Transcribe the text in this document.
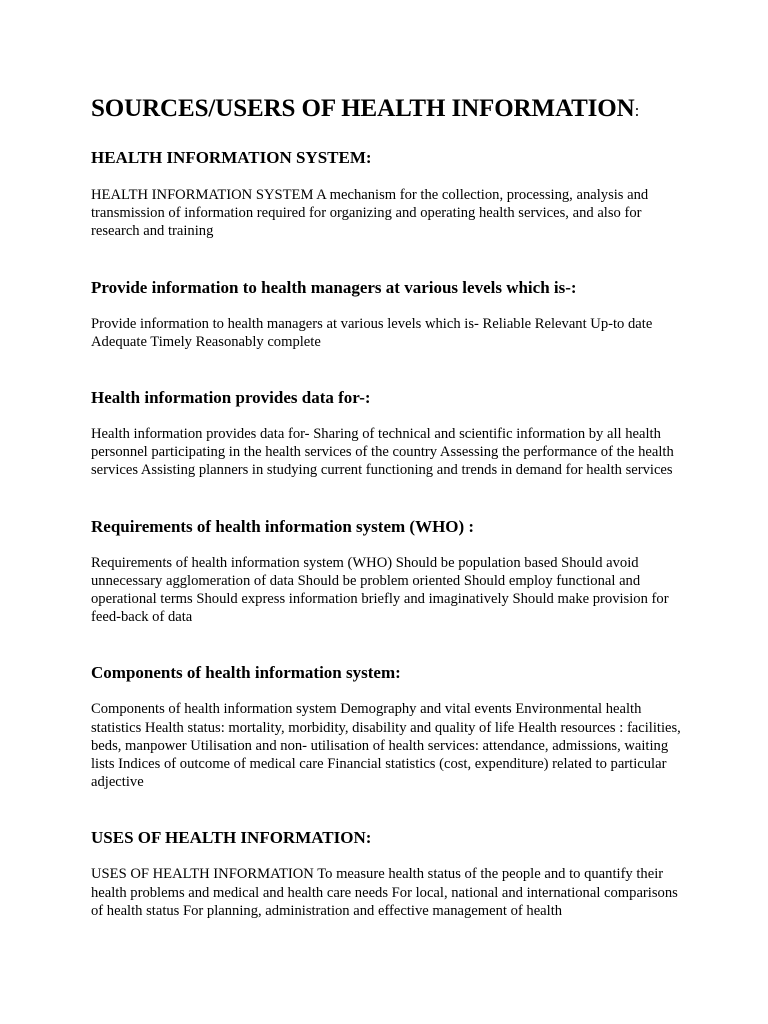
SOURCES/USERS OF HEALTH INFORMATION:
HEALTH INFORMATION SYSTEM:

HEALTH INFORMATION SYSTEM A mechanism for the collection, processing, analysis and transmission of information required for organizing and operating health services, and also for research and training

Provide information to health managers at various levels which is-:

Provide information to health managers at various levels which is- Reliable Relevant Up-to date Adequate Timely Reasonably complete

Health information provides data for-:

Health information provides data for- Sharing of technical and scientific information by all health personnel participating in the health services of the country Assessing the performance of the health services Assisting planners in studying current functioning and trends in demand for health services

Requirements of health information system (WHO) :

Requirements of health information system (WHO) Should be population based Should avoid unnecessary agglomeration of data Should be problem oriented Should employ functional and operational terms Should express information briefly and imaginatively Should make provision for feed-back of data

Components of health information system:

Components of health information system Demography and vital events Environmental health statistics Health status: mortality, morbidity, disability and quality of life Health resources : facilities, beds, manpower Utilisation and non- utilisation of health services: attendance, admissions, waiting lists Indices of outcome of medical care Financial statistics (cost, expenditure) related to particular adjective

USES OF HEALTH INFORMATION:

USES OF HEALTH INFORMATION To measure health status of the people and to quantify their health problems and medical and health care needs For local, national and international comparisons of health status For planning, administration and effective management of health
